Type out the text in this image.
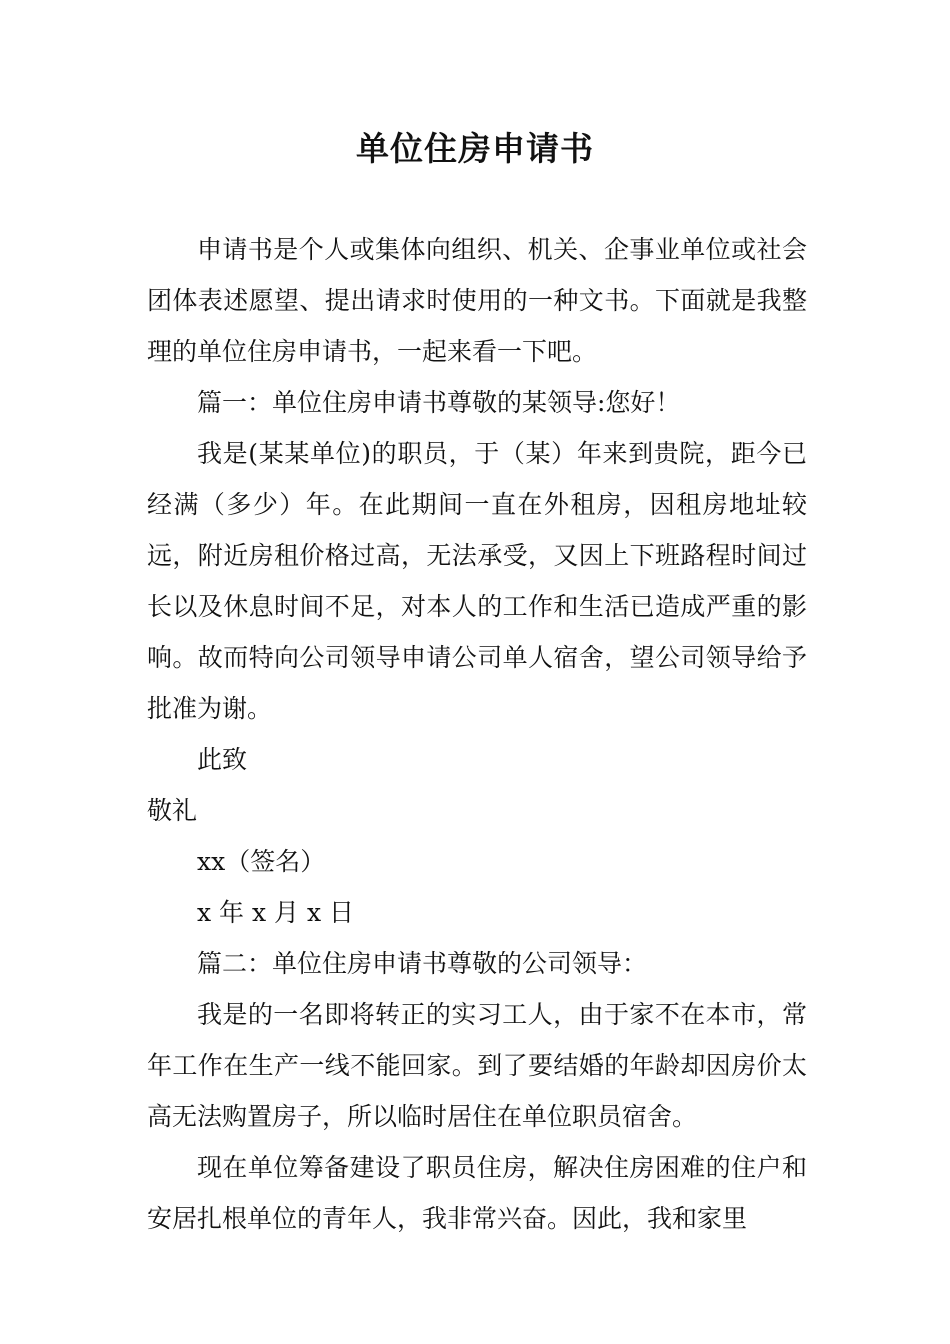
单位住房申请书

申请书是个人或集体向组织、机关、企事业单位或社会团体表述愿望、提出请求时使用的一种文书。下面就是我整理的单位住房申请书，一起来看一下吧。

篇一：单位住房申请书尊敬的某领导:您好！

我是(某某单位)的职员，于（某）年来到贵院，距今已经满（多少）年。在此期间一直在外租房，因租房地址较远，附近房租价格过高，无法承受，又因上下班路程时间过长以及休息时间不足，对本人的工作和生活已造成严重的影响。故而特向公司领导申请公司单人宿舍，望公司领导给予批准为谢。

此致

敬礼

xx（签名）

x 年 x 月 x 日

篇二：单位住房申请书尊敬的公司领导：

我是的一名即将转正的实习工人，由于家不在本市，常年工作在生产一线不能回家。到了要结婚的年龄却因房价太高无法购置房子，所以临时居住在单位职员宿舍。

现在单位筹备建设了职员住房，解决住房困难的住户和安居扎根单位的青年人，我非常兴奋。因此，我和家里
